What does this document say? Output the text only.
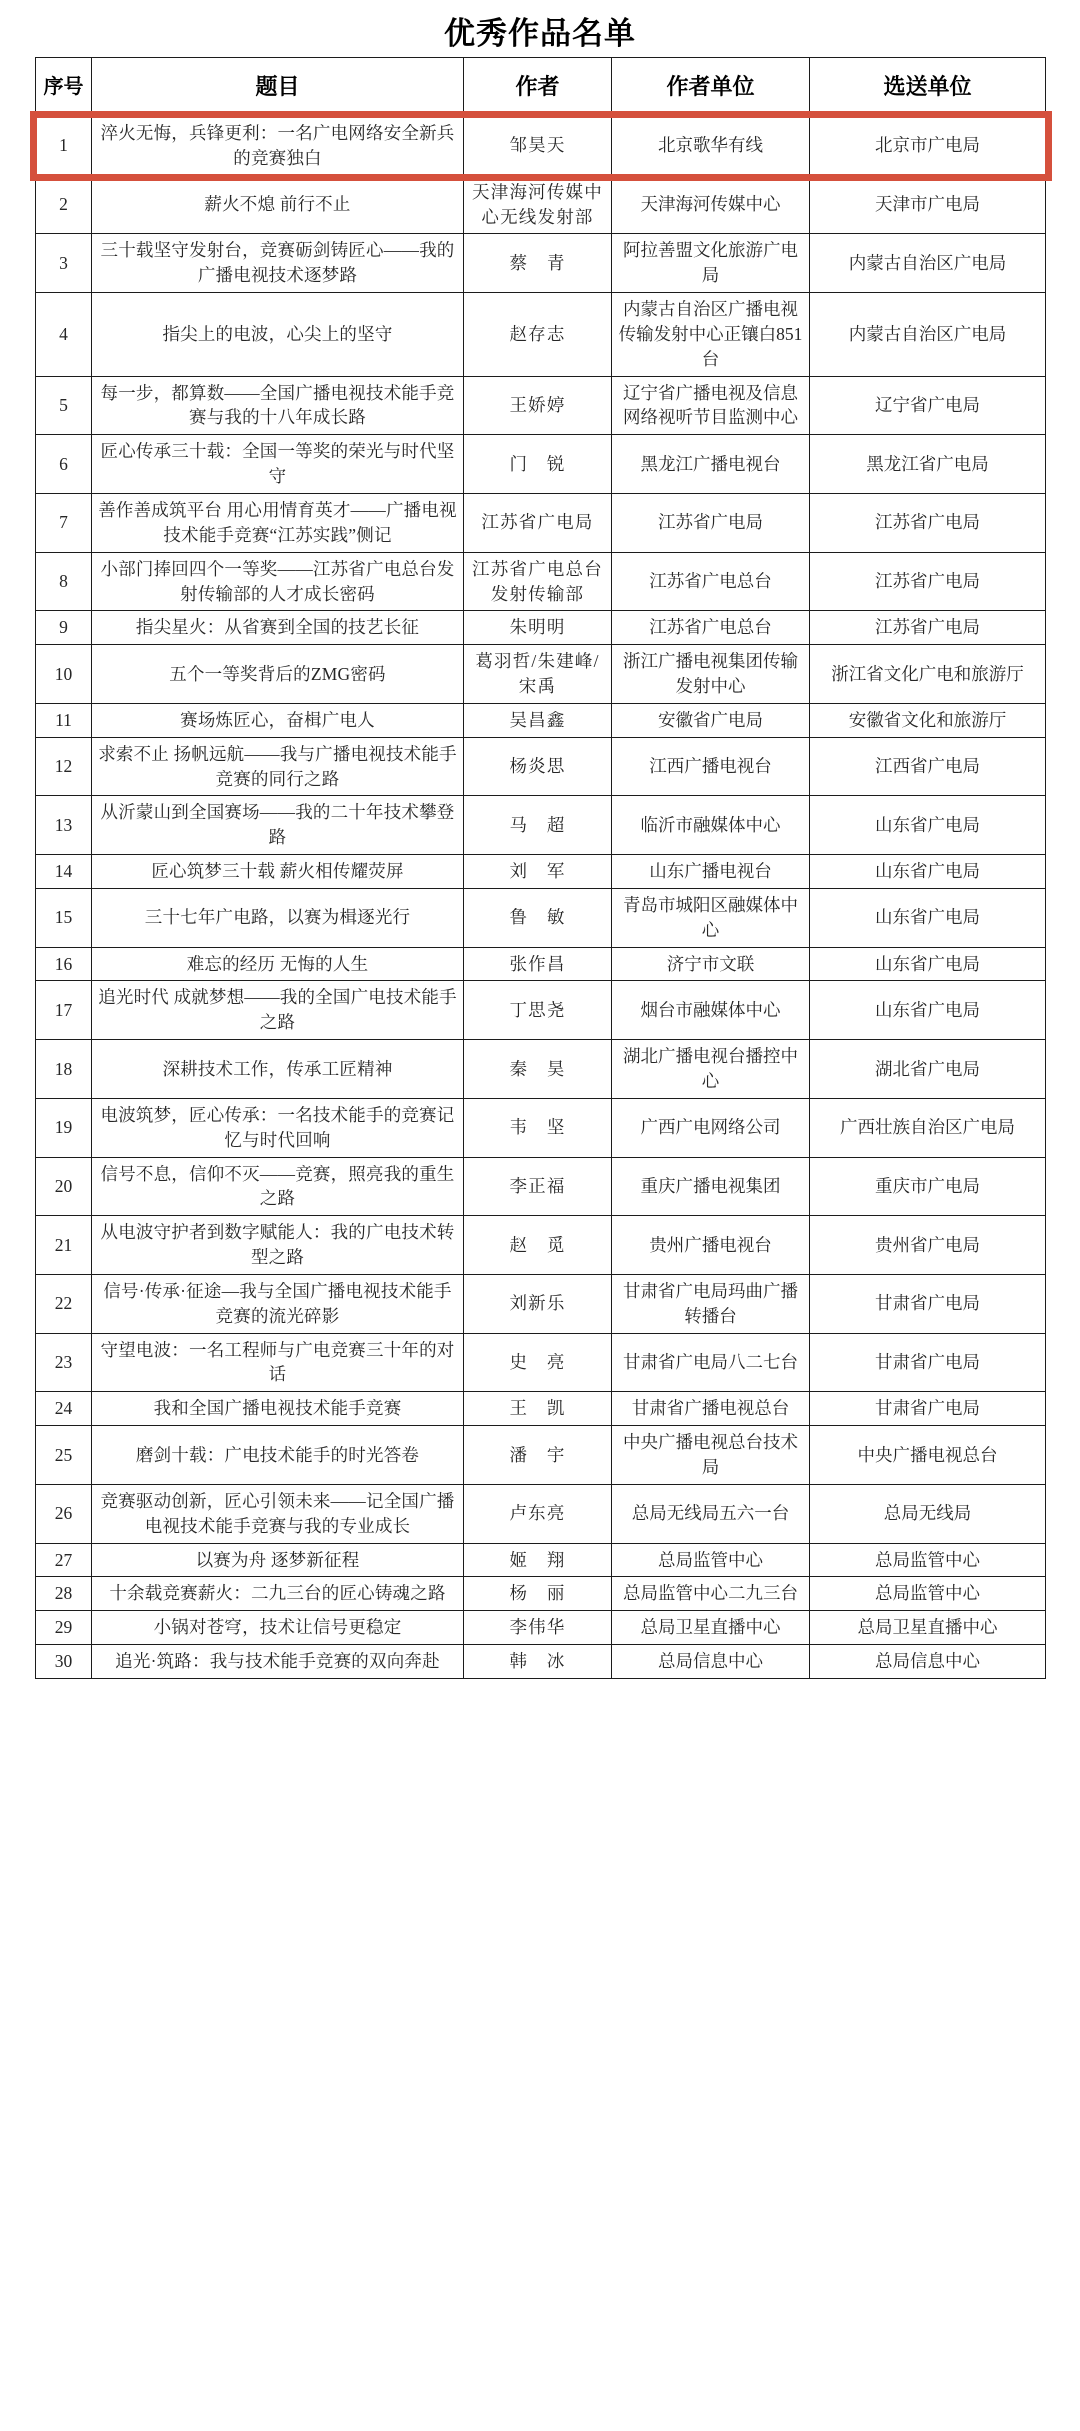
优秀作品名单
序号	题目	作者	作者单位	选送单位
1	淬火无悔，兵锋更利：一名广电网络安全新兵的竞赛独白	邹昊天	北京歌华有线	北京市广电局
2	薪火不熄 前行不止	天津海河传媒中心无线发射部	天津海河传媒中心	天津市广电局
3	三十载坚守发射台，竞赛砺剑铸匠心——我的广播电视技术逐梦路	蔡　青	阿拉善盟文化旅游广电局	内蒙古自治区广电局
4	指尖上的电波，心尖上的坚守	赵存志	内蒙古自治区广播电视传输发射中心正镶白851台	内蒙古自治区广电局
5	每一步，都算数——全国广播电视技术能手竞赛与我的十八年成长路	王娇婷	辽宁省广播电视及信息网络视听节目监测中心	辽宁省广电局
6	匠心传承三十载：全国一等奖的荣光与时代坚守	门　锐	黑龙江广播电视台	黑龙江省广电局
7	善作善成筑平台 用心用情育英才——广播电视技术能手竞赛“江苏实践”侧记	江苏省广电局	江苏省广电局	江苏省广电局
8	小部门捧回四个一等奖——江苏省广电总台发射传输部的人才成长密码	江苏省广电总台发射传输部	江苏省广电总台	江苏省广电局
9	指尖星火：从省赛到全国的技艺长征	朱明明	江苏省广电总台	江苏省广电局
10	五个一等奖背后的ZMG密码	葛羽哲/朱建峰/ 宋禹	浙江广播电视集团传输发射中心	浙江省文化广电和旅游厅
11	赛场炼匠心，奋楫广电人	吴昌鑫	安徽省广电局	安徽省文化和旅游厅
12	求索不止 扬帆远航——我与广播电视技术能手竞赛的同行之路	杨炎思	江西广播电视台	江西省广电局
13	从沂蒙山到全国赛场——我的二十年技术攀登路	马　超	临沂市融媒体中心	山东省广电局
14	匠心筑梦三十载 薪火相传耀荧屏	刘　军	山东广播电视台	山东省广电局
15	三十七年广电路，以赛为楫逐光行	鲁　敏	青岛市城阳区融媒体中心	山东省广电局
16	难忘的经历 无悔的人生	张作昌	济宁市文联	山东省广电局
17	追光时代 成就梦想——我的全国广电技术能手之路	丁思尧	烟台市融媒体中心	山东省广电局
18	深耕技术工作，传承工匠精神	秦　昊	湖北广播电视台播控中心	湖北省广电局
19	电波筑梦，匠心传承：一名技术能手的竞赛记忆与时代回响	韦　坚	广西广电网络公司	广西壮族自治区广电局
20	信号不息，信仰不灭——竞赛，照亮我的重生之路	李正福	重庆广播电视集团	重庆市广电局
21	从电波守护者到数字赋能人：我的广电技术转型之路	赵　觅	贵州广播电视台	贵州省广电局
22	信号·传承·征途—我与全国广播电视技术能手竞赛的流光碎影	刘新乐	甘肃省广电局玛曲广播转播台	甘肃省广电局
23	守望电波：一名工程师与广电竞赛三十年的对话	史　亮	甘肃省广电局八二七台	甘肃省广电局
24	我和全国广播电视技术能手竞赛	王　凯	甘肃省广播电视总台	甘肃省广电局
25	磨剑十载：广电技术能手的时光答卷	潘　宇	中央广播电视总台技术局	中央广播电视总台
26	竞赛驱动创新，匠心引领未来——记全国广播电视技术能手竞赛与我的专业成长	卢东亮	总局无线局五六一台	总局无线局
27	以赛为舟 逐梦新征程	姬　翔	总局监管中心	总局监管中心
28	十余载竞赛薪火：二九三台的匠心铸魂之路	杨　丽	总局监管中心二九三台	总局监管中心
29	小锅对苍穹，技术让信号更稳定	李伟华	总局卫星直播中心	总局卫星直播中心
30	追光·筑路：我与技术能手竞赛的双向奔赴	韩　冰	总局信息中心	总局信息中心
